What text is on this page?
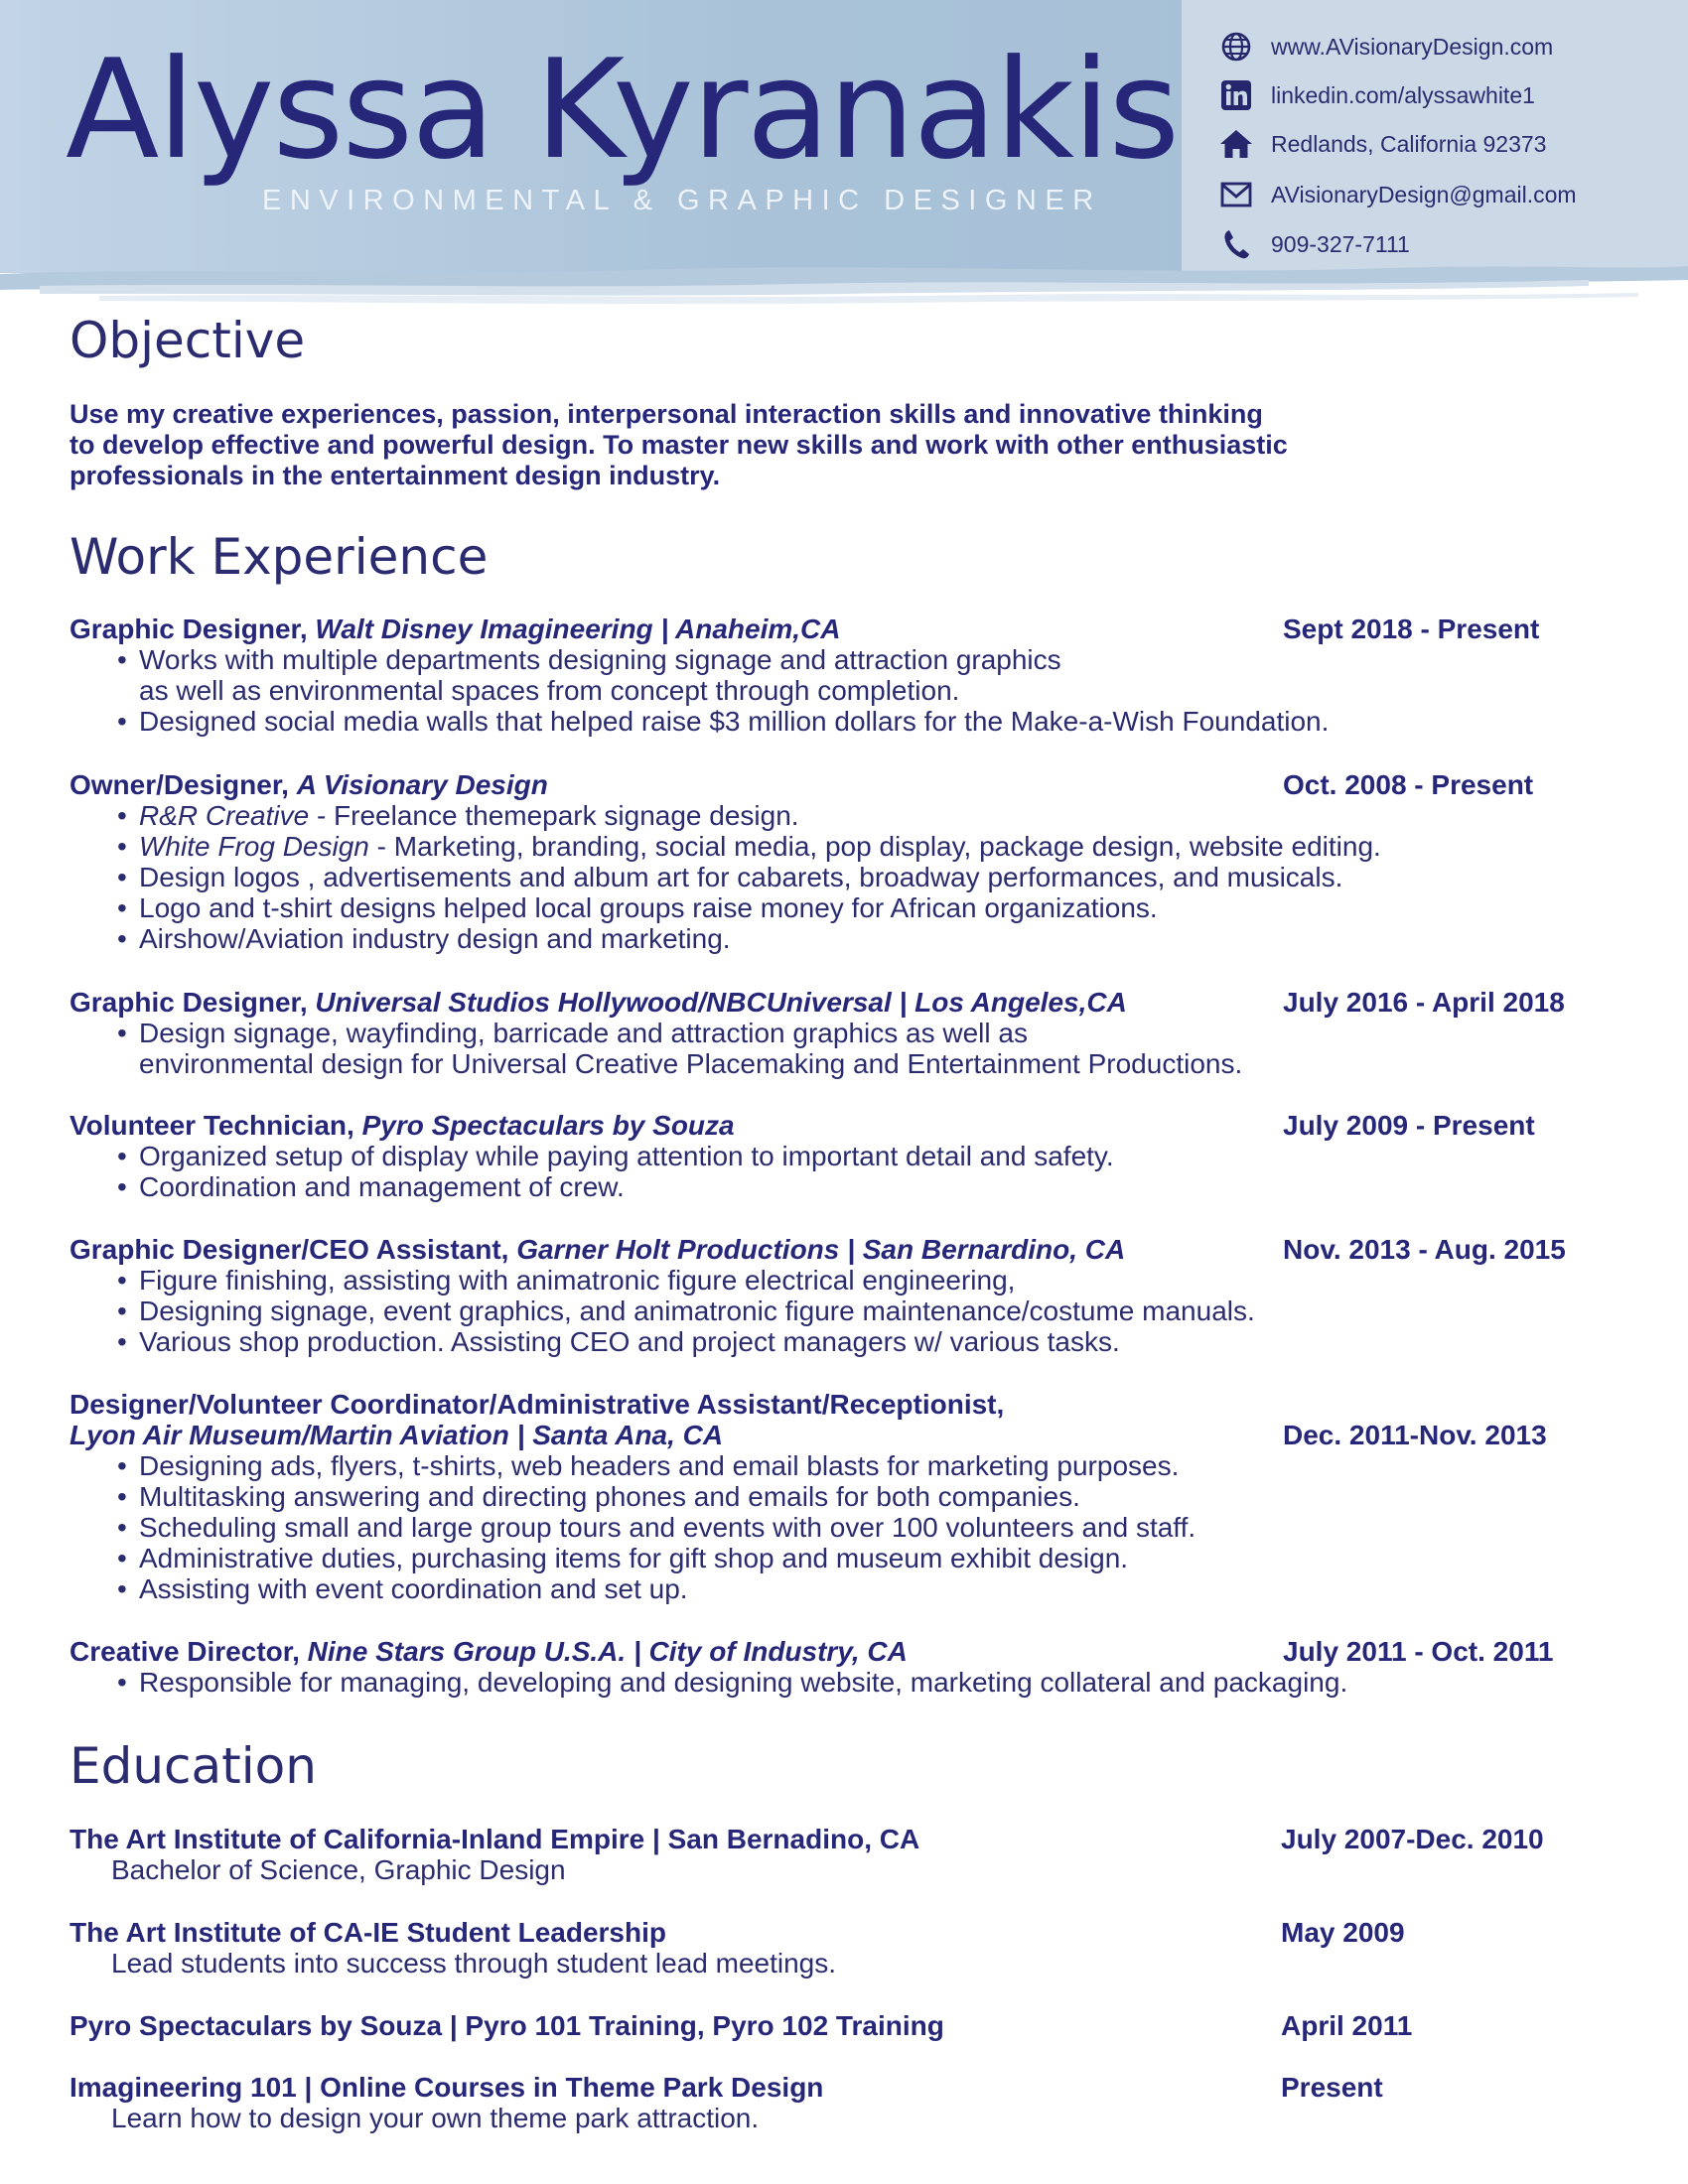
Alyssa Kyranakis
ENVIRONMENTAL & GRAPHIC DESIGNER
www.AVisionaryDesign.com
linkedin.com/alyssawhite1
Redlands, California 92373
AVisionaryDesign@gmail.com
909-327-7111
Objective
Use my creative experiences, passion, interpersonal interaction skills and innovative thinking
to develop effective and powerful design. To master new skills and work with other enthusiastic
professionals in the entertainment design industry.
Work Experience
Graphic Designer, Walt Disney Imagineering | Anaheim,CA	Sept 2018 - Present
• Works with multiple departments designing signage and attraction graphics
as well as environmental spaces from concept through completion.
• Designed social media walls that helped raise $3 million dollars for the Make-a-Wish Foundation.
Owner/Designer, A Visionary Design	Oct. 2008 - Present
• R&R Creative - Freelance themepark signage design.
• White Frog Design - Marketing, branding, social media, pop display, package design, website editing.
• Design logos , advertisements and album art for cabarets, broadway performances, and musicals.
• Logo and t-shirt designs helped local groups raise money for African organizations.
• Airshow/Aviation industry design and marketing.
Graphic Designer, Universal Studios Hollywood/NBCUniversal | Los Angeles,CA	July 2016 - April 2018
• Design signage, wayfinding, barricade and attraction graphics as well as
environmental design for Universal Creative Placemaking and Entertainment Productions.
Volunteer Technician, Pyro Spectaculars by Souza	July 2009 - Present
• Organized setup of display while paying attention to important detail and safety.
• Coordination and management of crew.
Graphic Designer/CEO Assistant, Garner Holt Productions | San Bernardino, CA	Nov. 2013 - Aug. 2015
• Figure finishing, assisting with animatronic figure electrical engineering,
• Designing signage, event graphics, and animatronic figure maintenance/costume manuals.
• Various shop production. Assisting CEO and project managers w/ various tasks.
Designer/Volunteer Coordinator/Administrative Assistant/Receptionist,
Lyon Air Museum/Martin Aviation | Santa Ana, CA	Dec. 2011-Nov. 2013
• Designing ads, flyers, t-shirts, web headers and email blasts for marketing purposes.
• Multitasking answering and directing phones and emails for both companies.
• Scheduling small and large group tours and events with over 100 volunteers and staff.
• Administrative duties, purchasing items for gift shop and museum exhibit design.
• Assisting with event coordination and set up.
Creative Director, Nine Stars Group U.S.A. | City of Industry, CA	July 2011 - Oct. 2011
• Responsible for managing, developing and designing website, marketing collateral and packaging.
Education
The Art Institute of California-Inland Empire | San Bernadino, CA	July 2007-Dec. 2010
Bachelor of Science, Graphic Design
The Art Institute of CA-IE Student Leadership	May 2009
Lead students into success through student lead meetings.
Pyro Spectaculars by Souza | Pyro 101 Training, Pyro 102 Training	April 2011
Imagineering 101 | Online Courses in Theme Park Design	Present
Learn how to design your own theme park attraction.
